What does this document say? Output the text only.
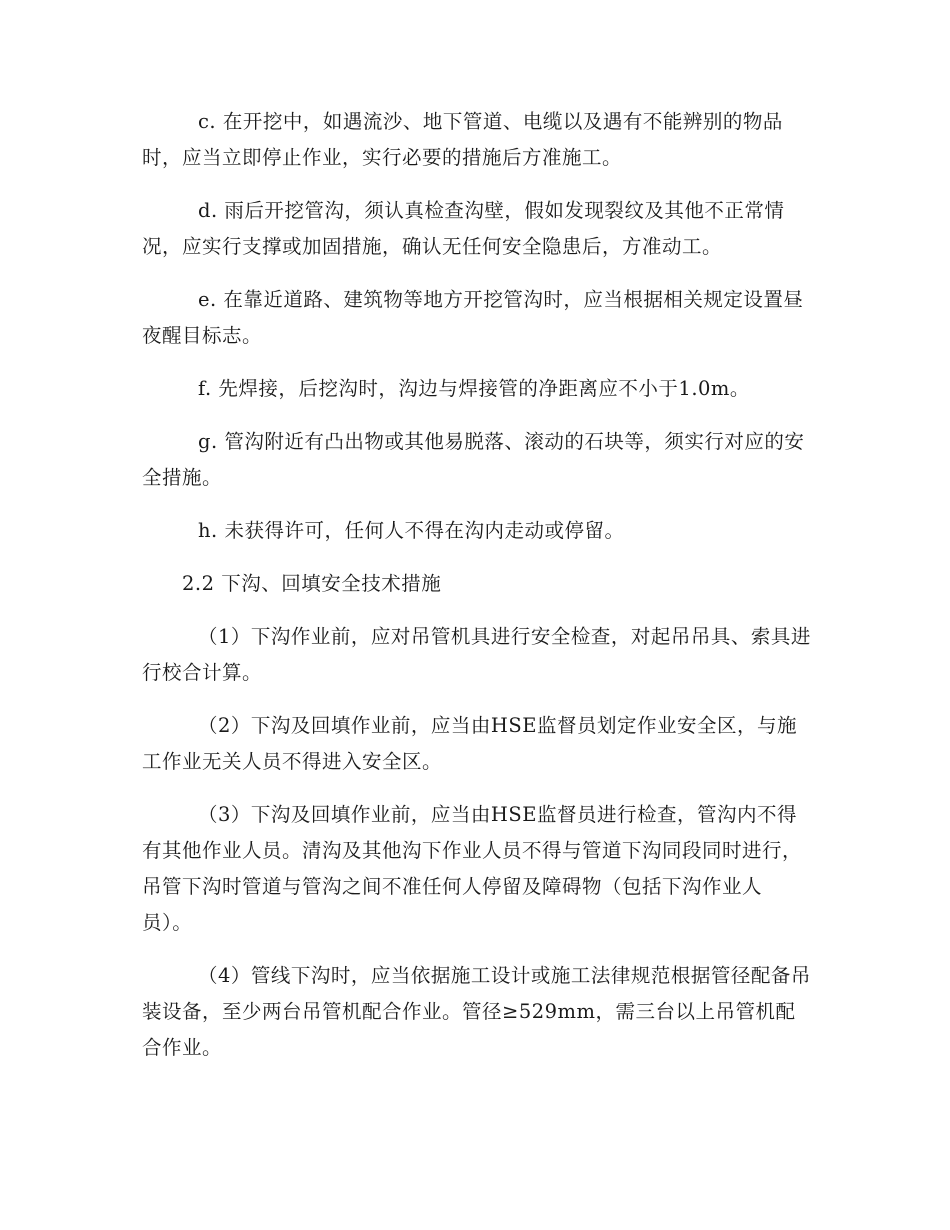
c. 在开挖中，如遇流沙、地下管道、电缆以及遇有不能辨别的物品时，应当立即停止作业，实行必要的措施后方准施工。

d. 雨后开挖管沟，须认真检查沟壁，假如发现裂纹及其他不正常情况，应实行支撑或加固措施，确认无任何安全隐患后，方准动工。

e. 在靠近道路、建筑物等地方开挖管沟时，应当根据相关规定设置昼夜醒目标志。

f. 先焊接，后挖沟时，沟边与焊接管的净距离应不小于1.0m。

g. 管沟附近有凸出物或其他易脱落、滚动的石块等，须实行对应的安全措施。

h. 未获得许可，任何人不得在沟内走动或停留。

2.2 下沟、回填安全技术措施

（1）下沟作业前，应对吊管机具进行安全检查，对起吊吊具、索具进行校合计算。

（2）下沟及回填作业前，应当由HSE监督员划定作业安全区，与施工作业无关人员不得进入安全区。

（3）下沟及回填作业前，应当由HSE监督员进行检查，管沟内不得有其他作业人员。清沟及其他沟下作业人员不得与管道下沟同段同时进行，吊管下沟时管道与管沟之间不准任何人停留及障碍物（包括下沟作业人员）。

（4）管线下沟时，应当依据施工设计或施工法律规范根据管径配备吊装设备，至少两台吊管机配合作业。管径≥529mm，需三台以上吊管机配合作业。
